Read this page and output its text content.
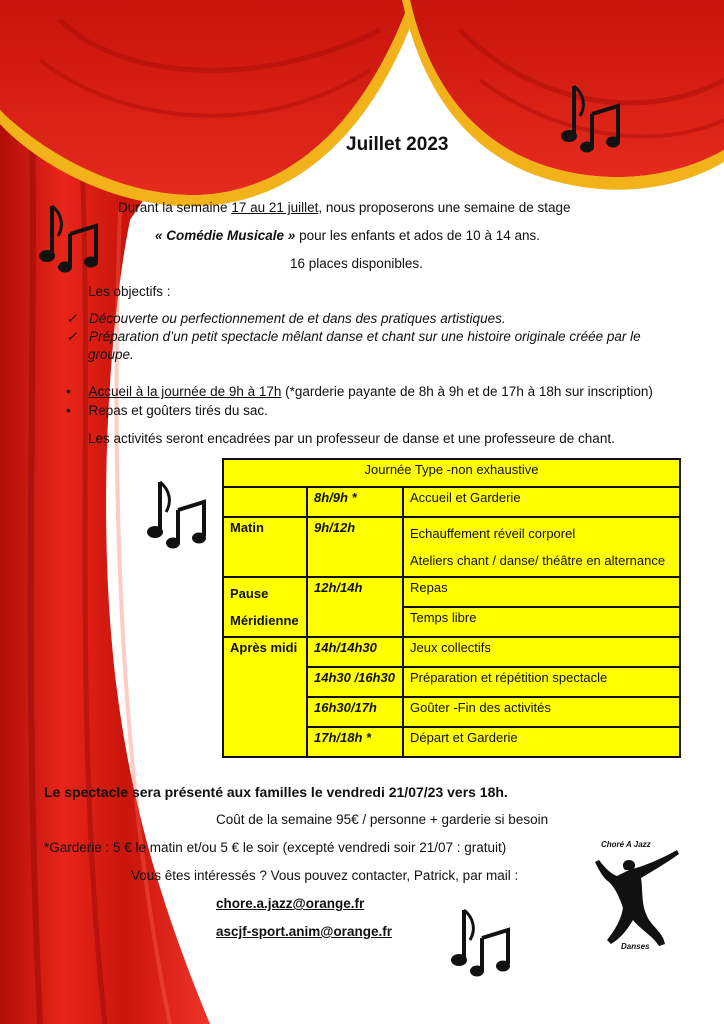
Juillet 2023
Durant la semaine 17 au 21 juillet, nous proposerons une semaine de stage
« Comédie Musicale » pour les enfants et ados de 10 à 14 ans.
16 places disponibles.
Les objectifs :
✓ Découverte ou perfectionnement de et dans des pratiques artistiques.
✓ Préparation d’un petit spectacle mêlant danse et chant sur une histoire originale créée par le
groupe.
• Accueil à la journée de 9h à 17h (*garderie payante de 8h à 9h et de 17h à 18h sur inscription)
• Repas et goûters tirés du sac.
Les activités seront encadrées par un professeur de danse et une professeure de chant.
Journée Type -non exhaustive		
	8h/9h *	Accueil et Garderie
Matin	9h/12h	Echauffement réveil corporel
Ateliers chant / danse/ théâtre en alternance

Pause
Méridienne	12h/14h	Repas
		Temps libre
Après midi	14h/14h30	Jeux collectifs
	14h30 /16h30	Préparation et répétition spectacle
	16h30/17h	Goûter -Fin des activités
	17h/18h *	Départ et Garderie
Le spectacle sera présenté aux familles le vendredi 21/07/23 vers 18h.
Coût de la semaine 95€ / personne + garderie si besoin
*Garderie : 5 € le matin et/ou 5 € le soir (excepté vendredi soir 21/07 : gratuit)
Vous êtes intéressés ? Vous pouvez contacter, Patrick, par mail :
chore.a.jazz@orange.fr
ascjf-sport.anim@orange.fr
Choré A Jazz
Danses
